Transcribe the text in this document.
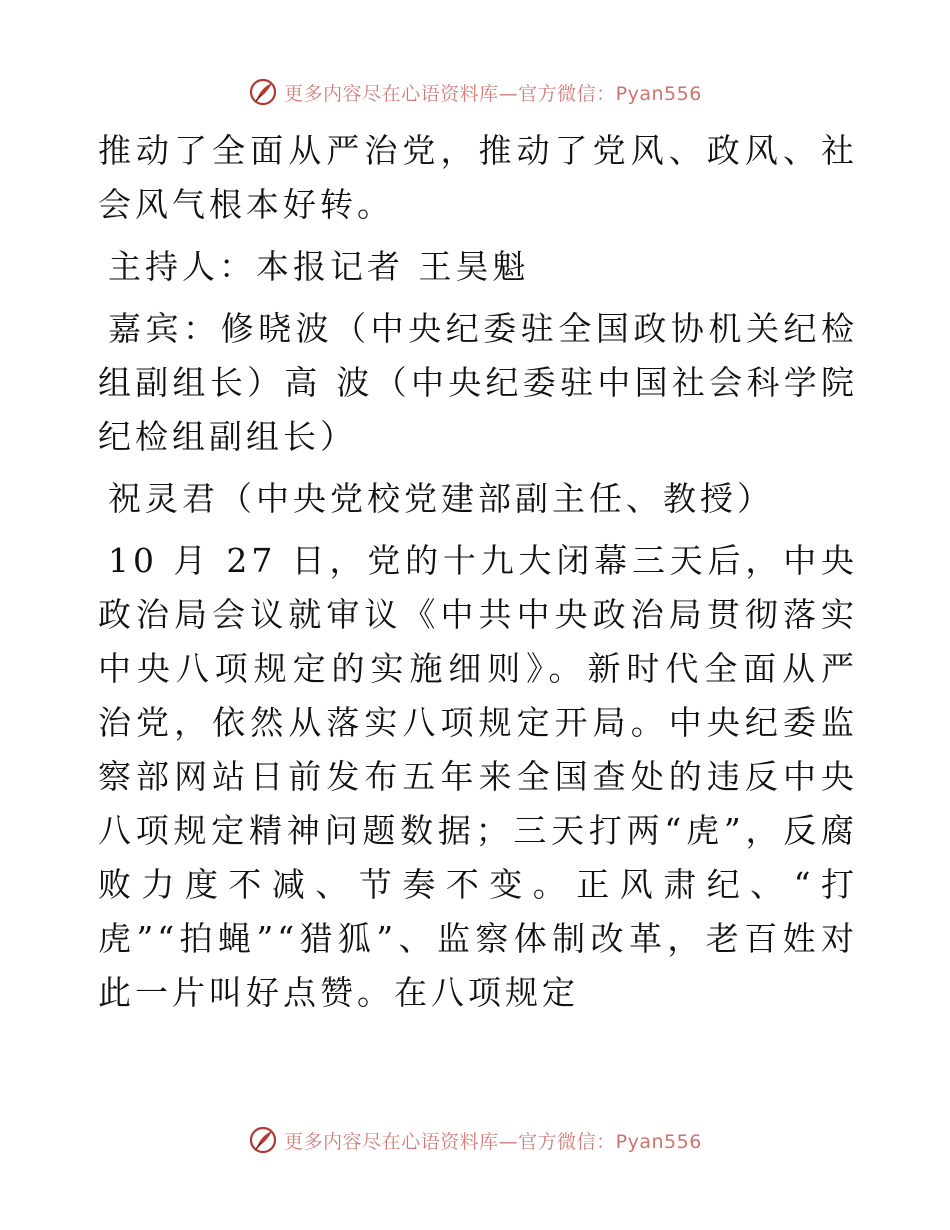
更多内容尽在心语资料库—官方微信：Pyan556

推动了全面从严治党，推动了党风、政风、社会风气根本好转。

主持人：本报记者 王昊魁

嘉宾：修晓波（中央纪委驻全国政协机关纪检组副组长）高 波（中央纪委驻中国社会科学院纪检组副组长）

祝灵君（中央党校党建部副主任、教授）

10 月 27 日，党的十九大闭幕三天后，中央政治局会议就审议《中共中央政治局贯彻落实中央八项规定的实施细则》。新时代全面从严治党，依然从落实八项规定开局。中央纪委监察部网站日前发布五年来全国查处的违反中央八项规定精神问题数据；三天打两“虎”，反腐败力度不减、节奏不变。正风肃纪、“打虎”“拍蝇”“猎狐”、监察体制改革，老百姓对此一片叫好点赞。在八项规定

更多内容尽在心语资料库—官方微信：Pyan556
